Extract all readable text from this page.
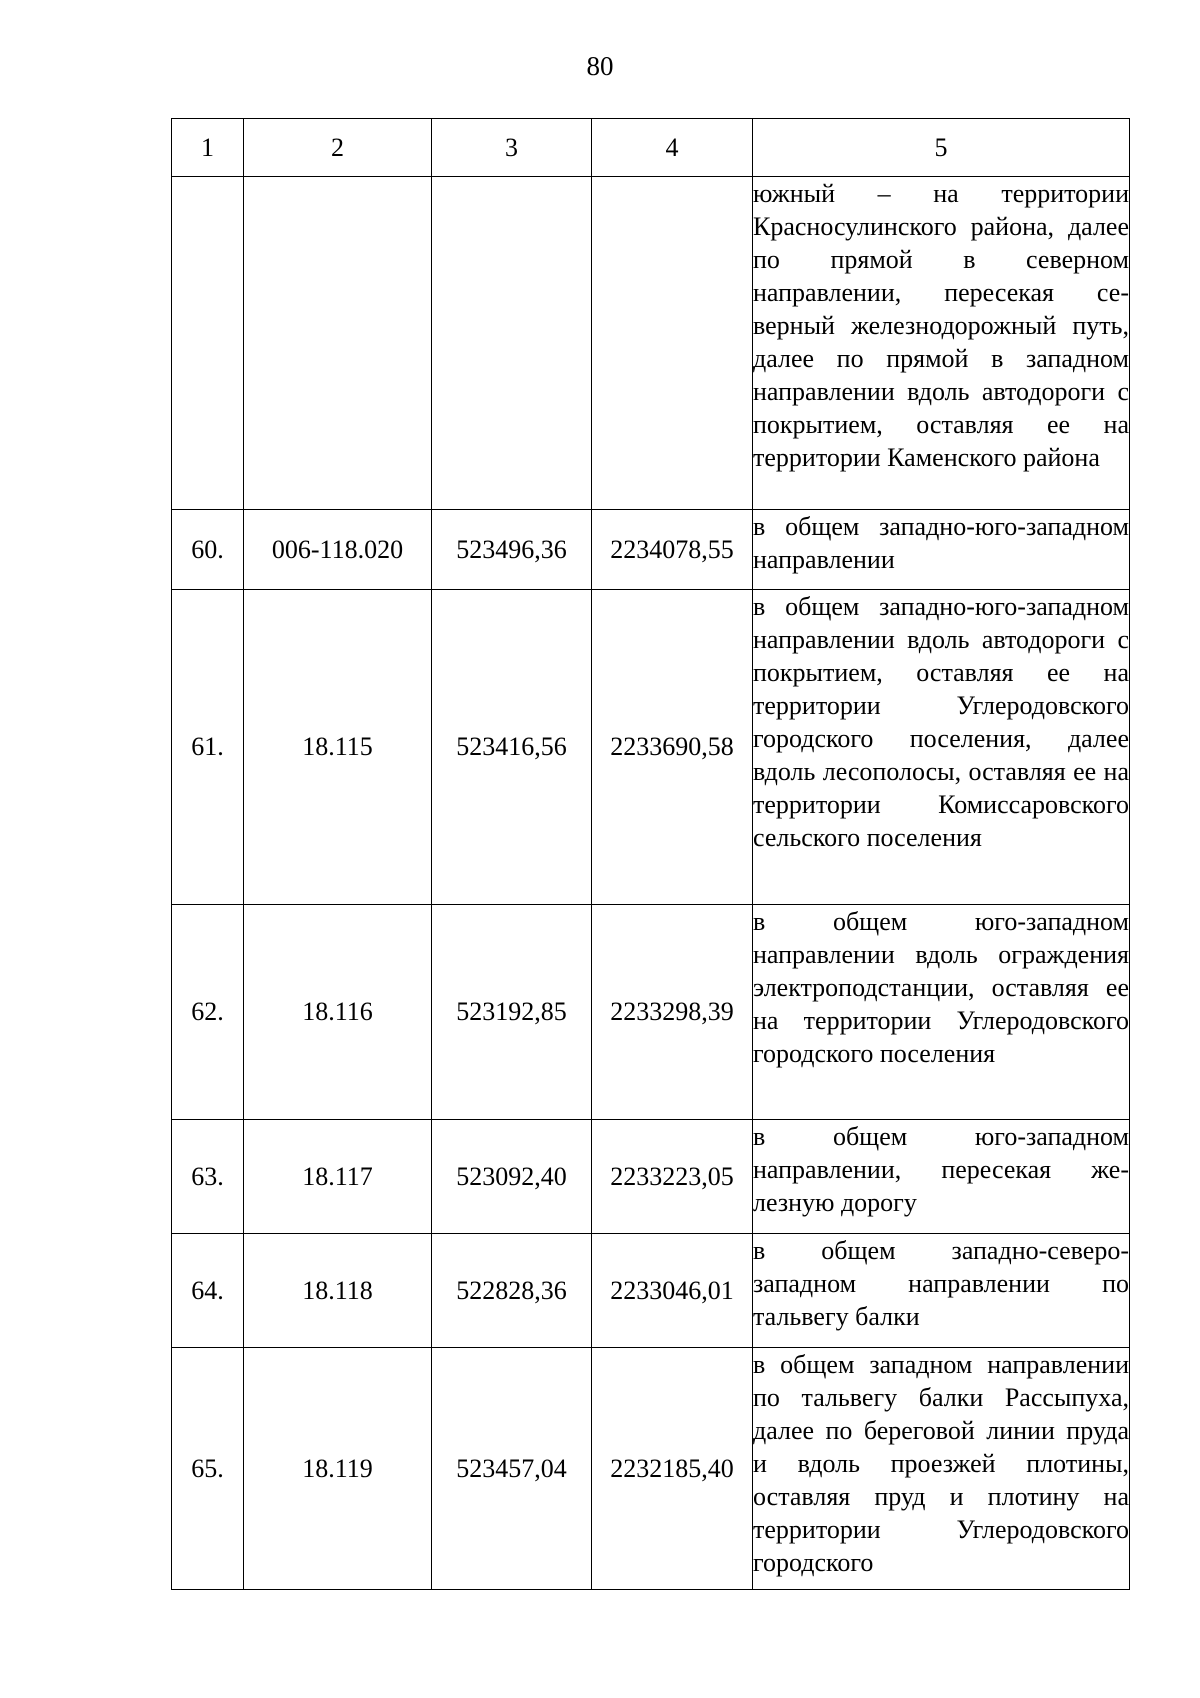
80
1	2	3	4	5
				южный – на территории Красносулинского района, далее по прямой в северном направлении, пересекая северный железнодорожный путь, далее по прямой в западном направлении вдоль автодороги с покрытием, оставляя ее на территории Каменского района
60.	006-118.020	523496,36	2234078,55	в общем западно-юго-западном направлении
61.	18.115	523416,56	2233690,58	в общем западно-юго-западном направлении вдоль автодороги с покрытием, оставляя ее на территории Углеродовского городского поселения, далее вдоль лесополосы, оставляя ее на территории Комиссаровского сельского поселения
62.	18.116	523192,85	2233298,39	в общем юго-западном направлении вдоль ограждения электроподстанции, оставляя ее на территории Углеродовского городского поселения
63.	18.117	523092,40	2233223,05	в общем юго-западном направлении, пересекая железную дорогу
64.	18.118	522828,36	2233046,01	в общем западно-северо-западном направлении по тальвегу балки
65.	18.119	523457,04	2232185,40	в общем западном направлении по тальвегу балки Рассыпуха, далее по береговой линии пруда и вдоль проезжей плотины, оставляя пруд и плотину на территории Углеродовского городского
